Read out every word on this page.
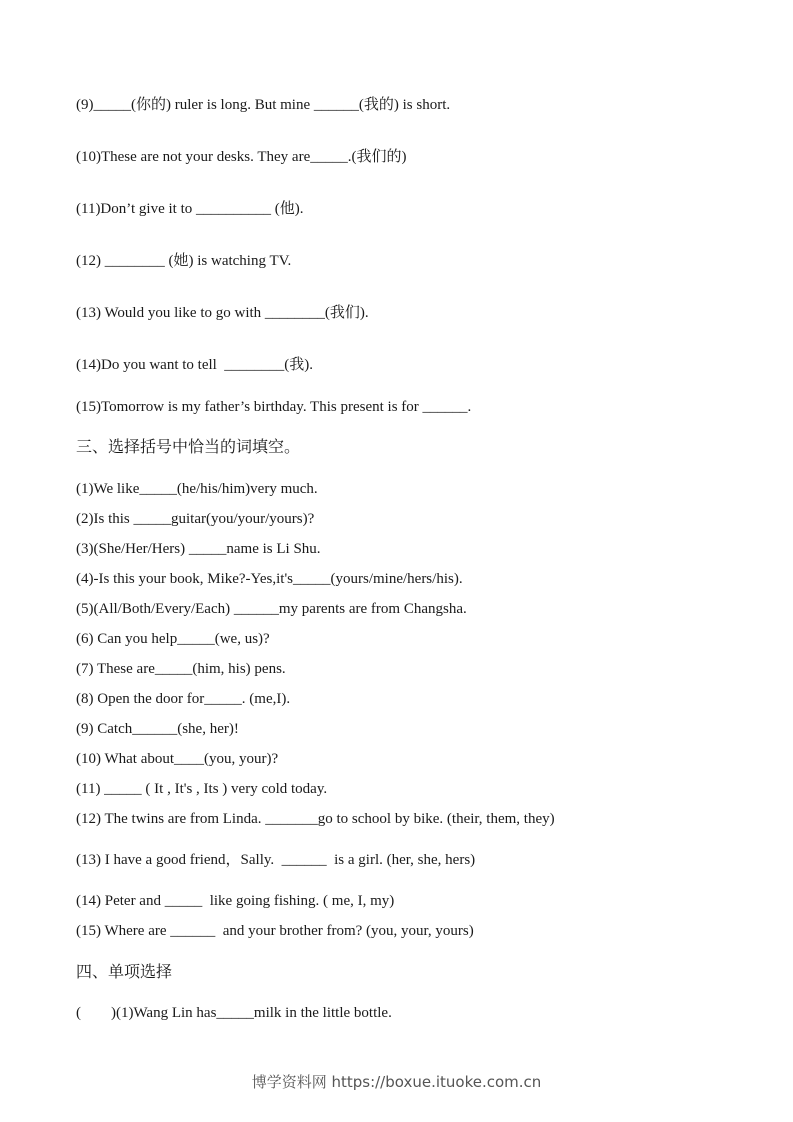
(9)_____(你的) ruler is long. But mine ______(我的) is short.
(10)These are not your desks. They are_____.(我们的)
(11)Don’t give it to __________ (他).
(12) ________ (她) is watching TV.
(13) Would you like to go with ________(我们).
(14)Do you want to tell  ________(我).
(15)Tomorrow is my father’s birthday. This present is for ______.
三、选择括号中恰当的词填空。
(1)We like_____(he/his/him)very much.
(2)Is this _____guitar(you/your/yours)?
(3)(She/Her/Hers) _____name is Li Shu.
(4)-Is this your book, Mike?-Yes,it's_____(yours/mine/hers/his).
(5)(All/Both/Every/Each) ______my parents are from Changsha.
(6) Can you help_____(we, us)?
(7) These are_____(him, his) pens.
(8) Open the door for_____. (me,I).
(9) Catch______(she, her)!
(10) What about____(you, your)?
(11) _____ ( It , It's , Its ) very cold today.
(12) The twins are from Linda. _______go to school by bike. (their, them, they)
(13) I have a good friend，Sally.  ______  is a girl. (her, she, hers)
(14) Peter and _____  like going fishing. ( me, I, my)
(15) Where are ______  and your brother from? (you, your, yours)
四、单项选择
(        )(1)Wang Lin has_____milk in the little bottle.
博学资料网 https://boxue.ituoke.com.cn
